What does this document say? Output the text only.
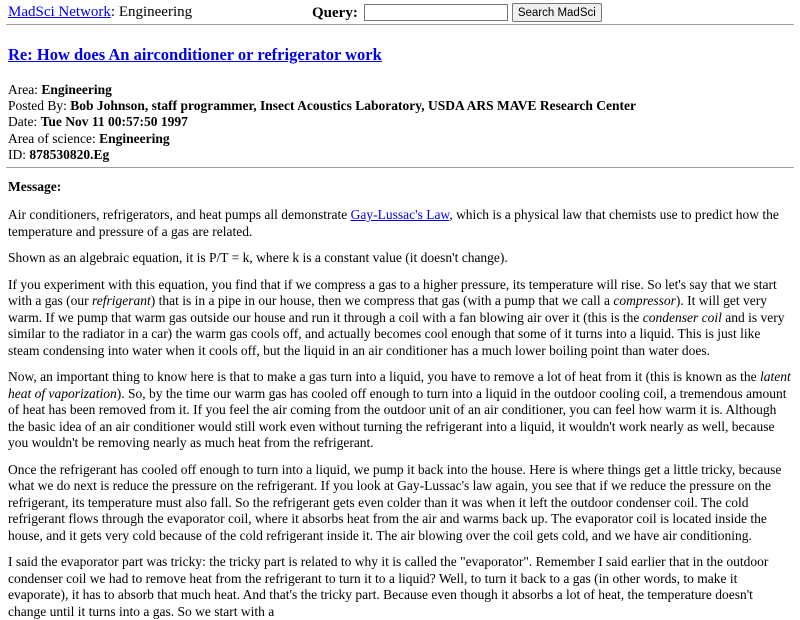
MadSci Network: Engineering	Query:	Search MadSci
Re: How does An airconditioner or refrigerator work
Area: Engineering
Posted By: Bob Johnson, staff programmer, Insect Acoustics Laboratory, USDA ARS MAVE Research Center
Date: Tue Nov 11 00:57:50 1997
Area of science: Engineering
ID: 878530820.Eg
Message:

Air conditioners, refrigerators, and heat pumps all demonstrate Gay-Lussac's Law, which is a physical law that chemists use to predict how the temperature and pressure of a gas are related.

Shown as an algebraic equation, it is P/T = k, where k is a constant value (it doesn't change).

If you experiment with this equation, you find that if we compress a gas to a higher pressure, its temperature will rise. So let's say that we start with a gas (our refrigerant) that is in a pipe in our house, then we compress that gas (with a pump that we call a compressor). It will get very warm. If we pump that warm gas outside our house and run it through a coil with a fan blowing air over it (this is the condenser coil and is very similar to the radiator in a car) the warm gas cools off, and actually becomes cool enough that some of it turns into a liquid. This is just like steam condensing into water when it cools off, but the liquid in an air conditioner has a much lower boiling point than water does.

Now, an important thing to know here is that to make a gas turn into a liquid, you have to remove a lot of heat from it (this is known as the latent heat of vaporization). So, by the time our warm gas has cooled off enough to turn into a liquid in the outdoor cooling coil, a tremendous amount of heat has been removed from it. If you feel the air coming from the outdoor unit of an air conditioner, you can feel how warm it is. Although the basic idea of an air conditioner would still work even without turning the refrigerant into a liquid, it wouldn't work nearly as well, because you wouldn't be removing nearly as much heat from the refrigerant.

Once the refrigerant has cooled off enough to turn into a liquid, we pump it back into the house. Here is where things get a little tricky, because what we do next is reduce the pressure on the refrigerant. If you look at Gay-Lussac's law again, you see that if we reduce the pressure on the refrigerant, its temperature must also fall. So the refrigerant gets even colder than it was when it left the outdoor condenser coil. The cold refrigerant flows through the evaporator coil, where it absorbs heat from the air and warms back up. The evaporator coil is located inside the house, and it gets very cold because of the cold refrigerant inside it. The air blowing over the coil gets cold, and we have air conditioning.

I said the evaporator part was tricky: the tricky part is related to why it is called the "evaporator". Remember I said earlier that in the outdoor condenser coil we had to remove heat from the refrigerant to turn it to a liquid? Well, to turn it back to a gas (in other words, to make it evaporate), it has to absorb that much heat. And that's the tricky part. Because even though it absorbs a lot of heat, the temperature doesn't change until it turns into a gas. So we start with a
